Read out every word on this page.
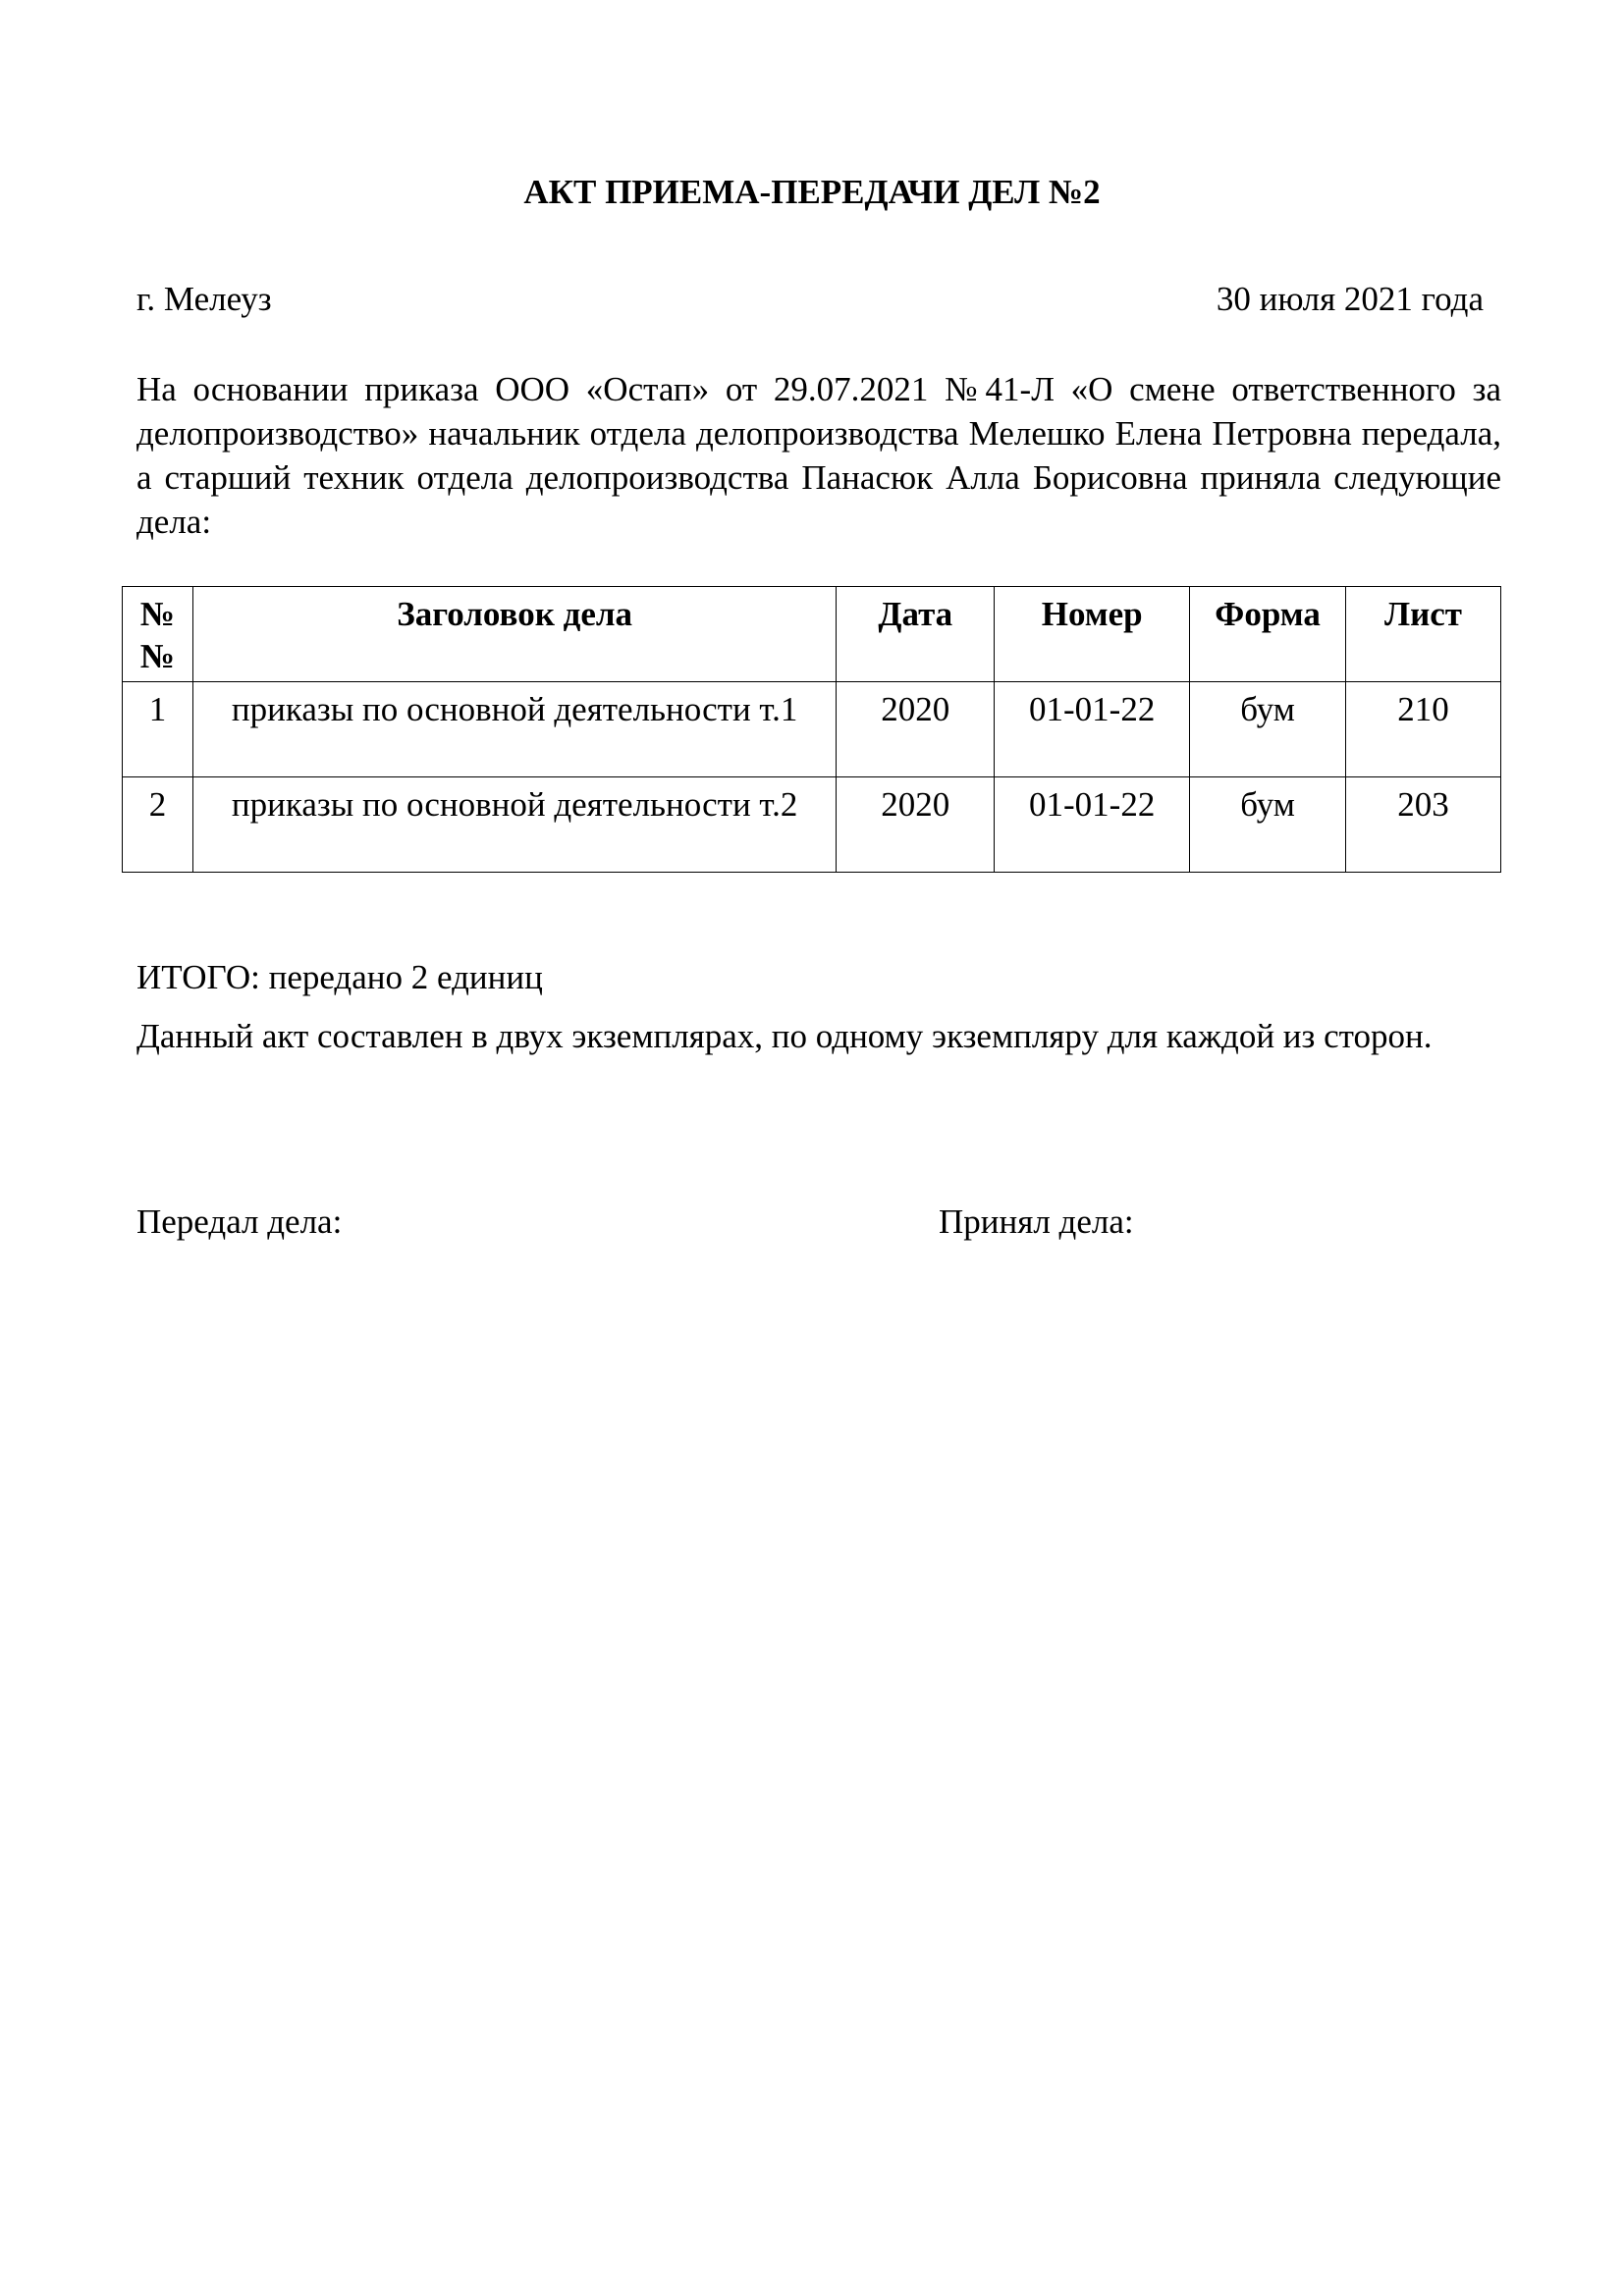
АКТ ПРИЕМА-ПЕРЕДАЧИ ДЕЛ №2
г. Мелеуз	30 июля 2021 года

На основании приказа ООО «Остап» от 29.07.2021 №41-Л «О смене ответственного за делопроизводство» начальник отдела делопроизводства Мелешко Елена Петровна передала, а старший техник отдела делопроизводства Панасюк Алла Борисовна приняла следующие дела:

№
№	Заголовок дела	Дата	Номер	Форма	Лист
1	приказы по основной деятельности т.1	2020	01-01-22	бум	210
2	приказы по основной деятельности т.2	2020	01-01-22	бум	203

ИТОГО: передано 2 единиц

Данный акт составлен в двух экземплярах, по одному экземпляру для каждой из сторон.

Передал дела:	Принял дела:
